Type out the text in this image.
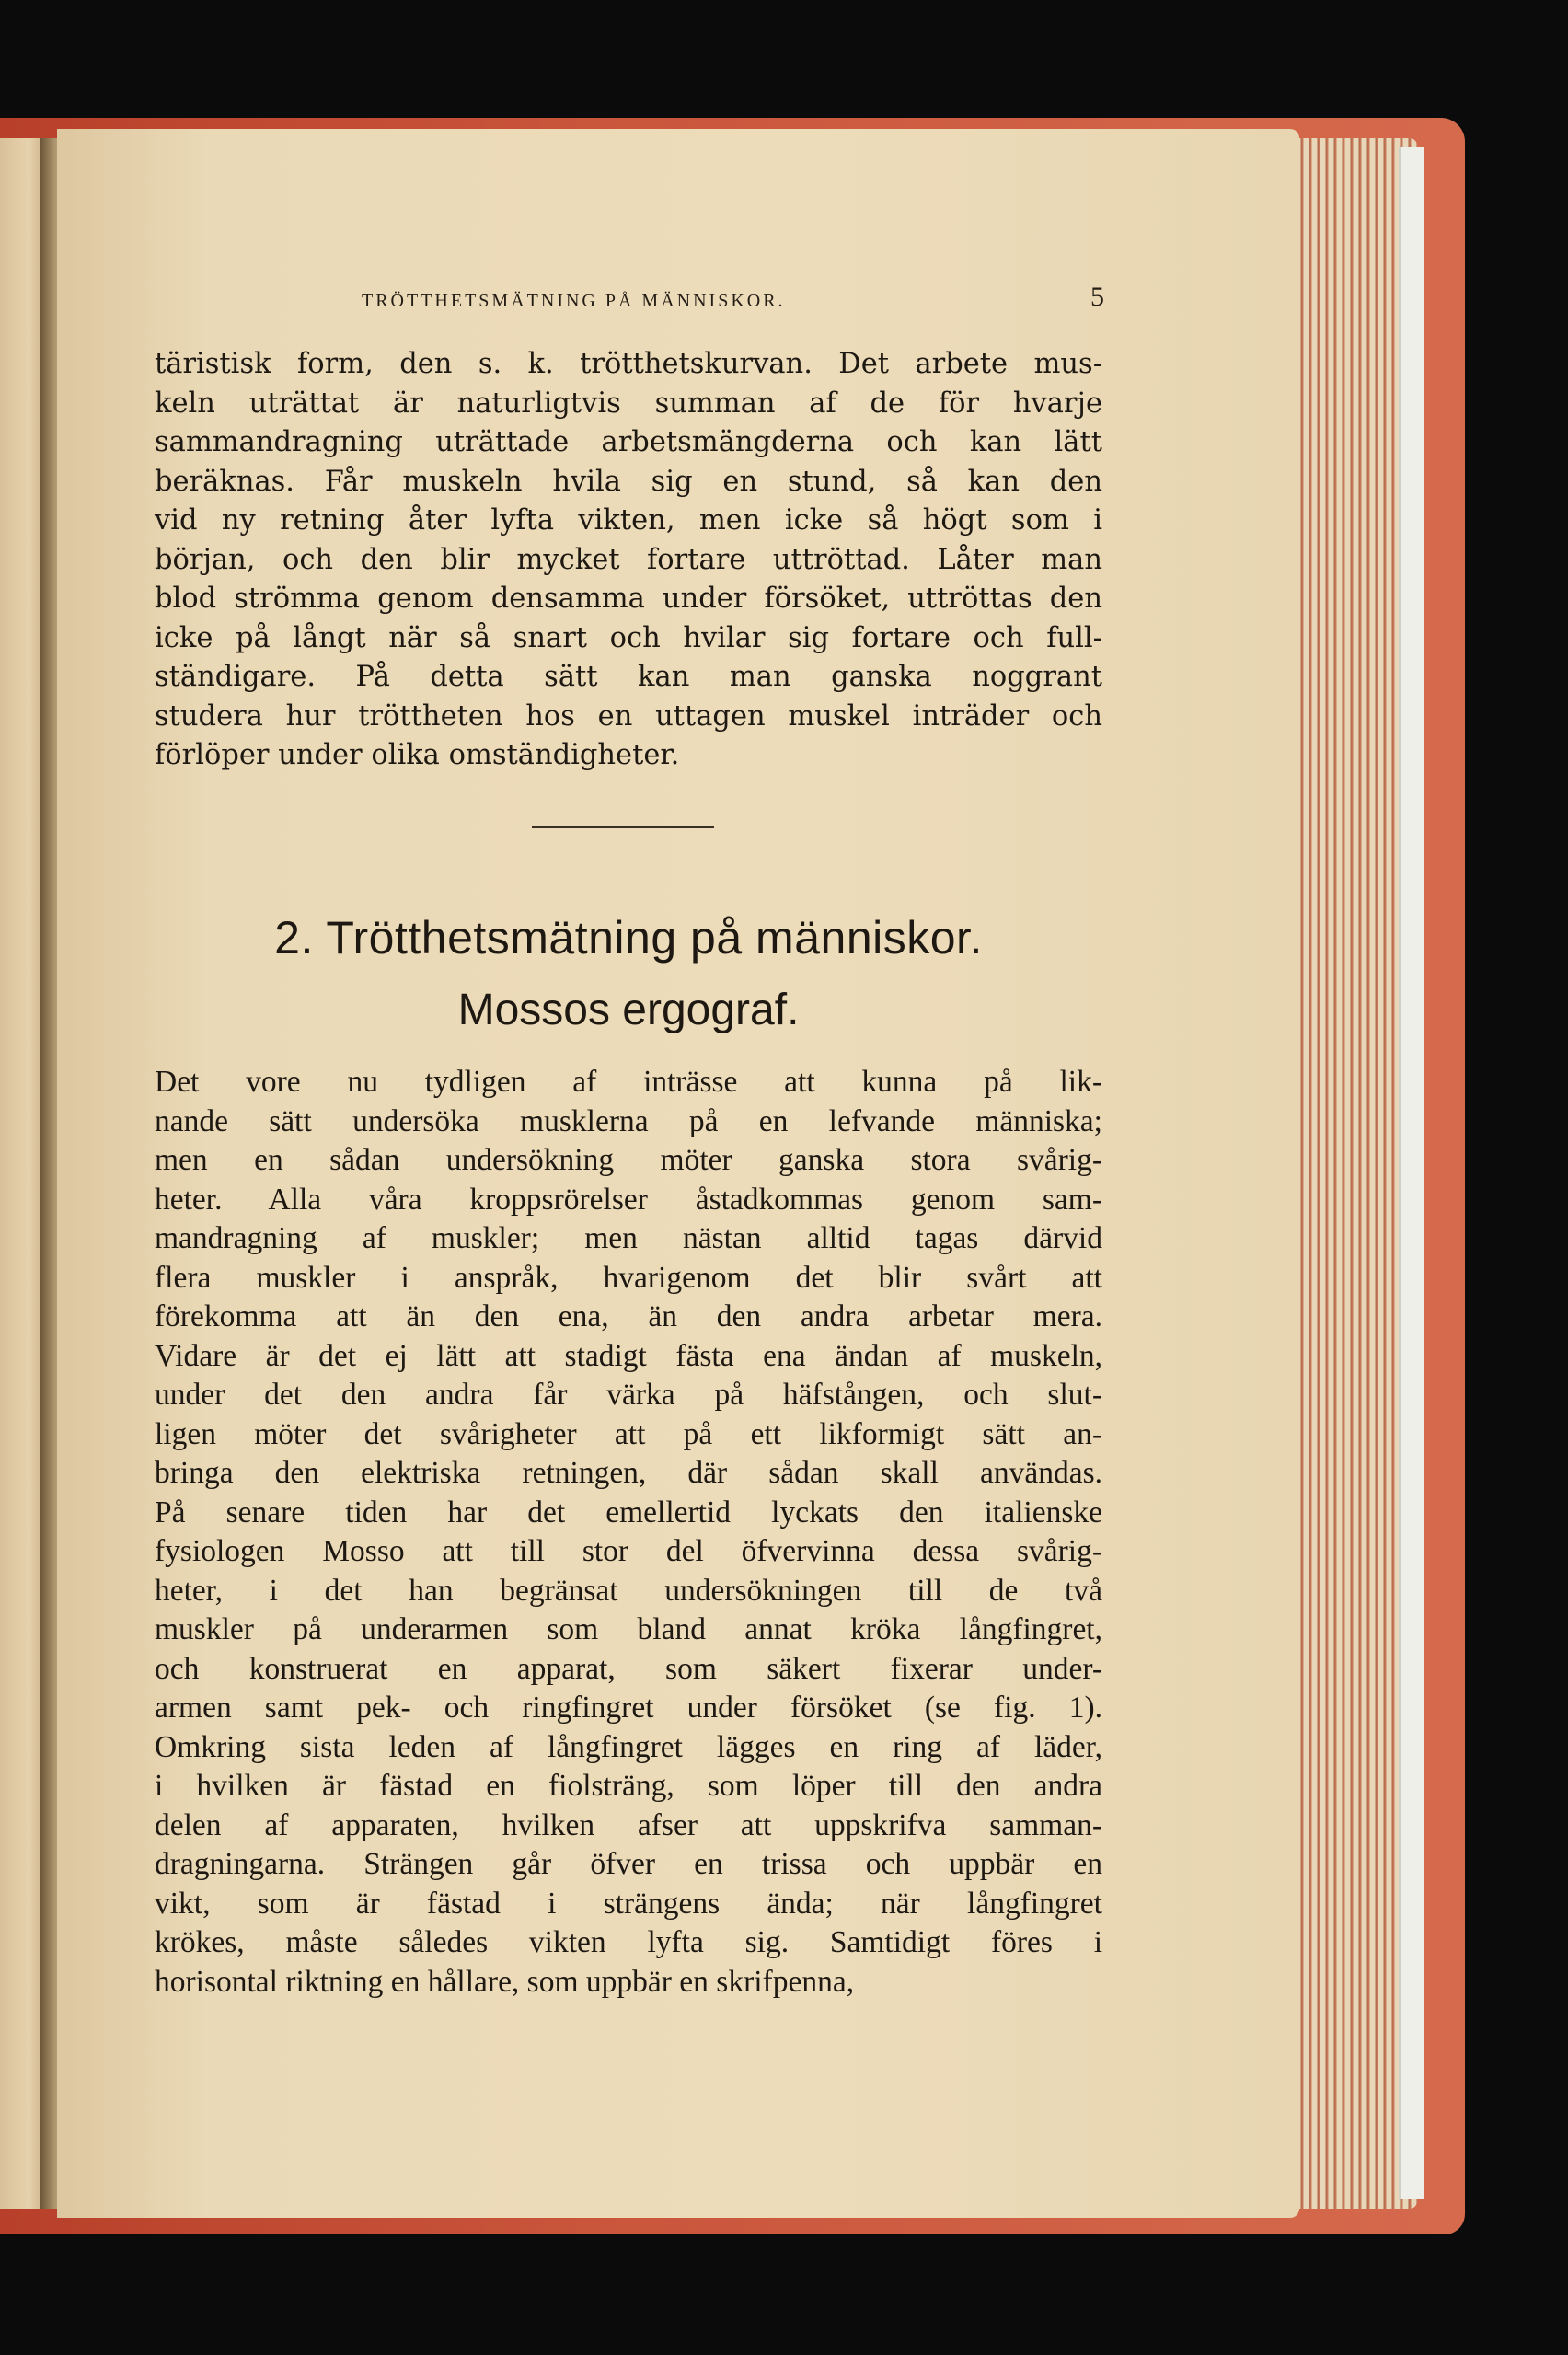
TRÖTTHETSMÄTNING PÅ MÄNNISKOR.	5
täristisk form, den s. k. trötthetskurvan. Det arbete mus-
keln uträttat är naturligtvis summan af de för hvarje
sammandragning uträttade arbetsmängderna och kan lätt
beräknas. Får muskeln hvila sig en stund, så kan den
vid ny retning åter lyfta vikten, men icke så högt som i
början, och den blir mycket fortare uttröttad. Låter man
blod strömma genom densamma under försöket, uttröttas den
icke på långt när så snart och hvilar sig fortare och full-
ständigare. På detta sätt kan man ganska noggrant
studera hur tröttheten hos en uttagen muskel inträder och
förlöper under olika omständigheter.
2. Trötthetsmätning på människor.
Mossos ergograf.
Det vore nu tydligen af inträsse att kunna på lik-
nande sätt undersöka musklerna på en lefvande människa;
men en sådan undersökning möter ganska stora svårig-
heter. Alla våra kroppsrörelser åstadkommas genom sam-
mandragning af muskler; men nästan alltid tagas därvid
flera muskler i anspråk, hvarigenom det blir svårt att
förekomma att än den ena, än den andra arbetar mera.
Vidare är det ej lätt att stadigt fästa ena ändan af muskeln,
under det den andra får värka på häfstången, och slut-
ligen möter det svårigheter att på ett likformigt sätt an-
bringa den elektriska retningen, där sådan skall användas.
På senare tiden har det emellertid lyckats den italienske
fysiologen Mosso att till stor del öfvervinna dessa svårig-
heter, i det han begränsat undersökningen till de två
muskler på underarmen som bland annat kröka långfingret,
och konstruerat en apparat, som säkert fixerar under-
armen samt pek- och ringfingret under försöket (se fig. 1).
Omkring sista leden af långfingret lägges en ring af läder,
i hvilken är fästad en fiolsträng, som löper till den andra
delen af apparaten, hvilken afser att uppskrifva samman-
dragningarna. Strängen går öfver en trissa och uppbär en
vikt, som är fästad i strängens ända; när långfingret
krökes, måste således vikten lyfta sig. Samtidigt föres i
horisontal riktning en hållare, som uppbär en skrifpenna,
